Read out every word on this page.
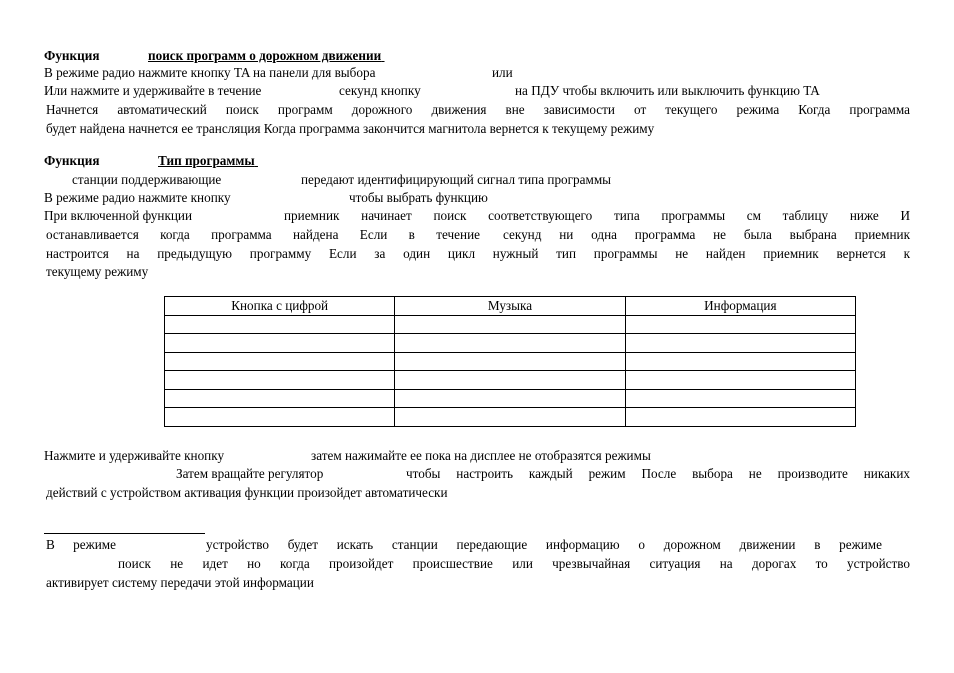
Функция	поиск программ о дорожном движении
В режиме радио нажмите кнопку TA на панели для выбора	или
Или нажмите и удерживайте в течение	секунд кнопку	на ПДУ чтобы включить или выключить функцию TA
Начнется автоматический поиск программ дорожного движения вне зависимости от текущего режима Когда программа
будет найдена начнется ее трансляция Когда программа закончится магнитола вернется к текущему режиму
Функция	Тип программы
станции поддерживающие	передают идентифицирующий сигнал типа программы
В режиме радио нажмите кнопку	чтобы выбрать функцию
При включенной функции	приемник начинает поиск соответствующего типа программы см таблицу ниже И
останавливается когда программа найдена Если в течение секунд ни одна программа не была выбрана приемник
настроится на предыдущую программу Если за один цикл нужный тип программы не найден приемник вернется к
текущему режиму
Кнопка с цифрой	Музыка	Информация

Нажмите и удерживайте кнопку	затем нажимайте ее пока на дисплее не отобразятся режимы
Затем вращайте регулятор	чтобы настроить каждый режим После выбора не производите никаких
действий с устройством активация функции произойдет автоматически
В режиме	устройство будет искать станции передающие информацию о дорожном движении в режиме
поиск не идет но когда произойдет происшествие или чрезвычайная ситуация на дорогах то устройство
активирует систему передачи этой информации
